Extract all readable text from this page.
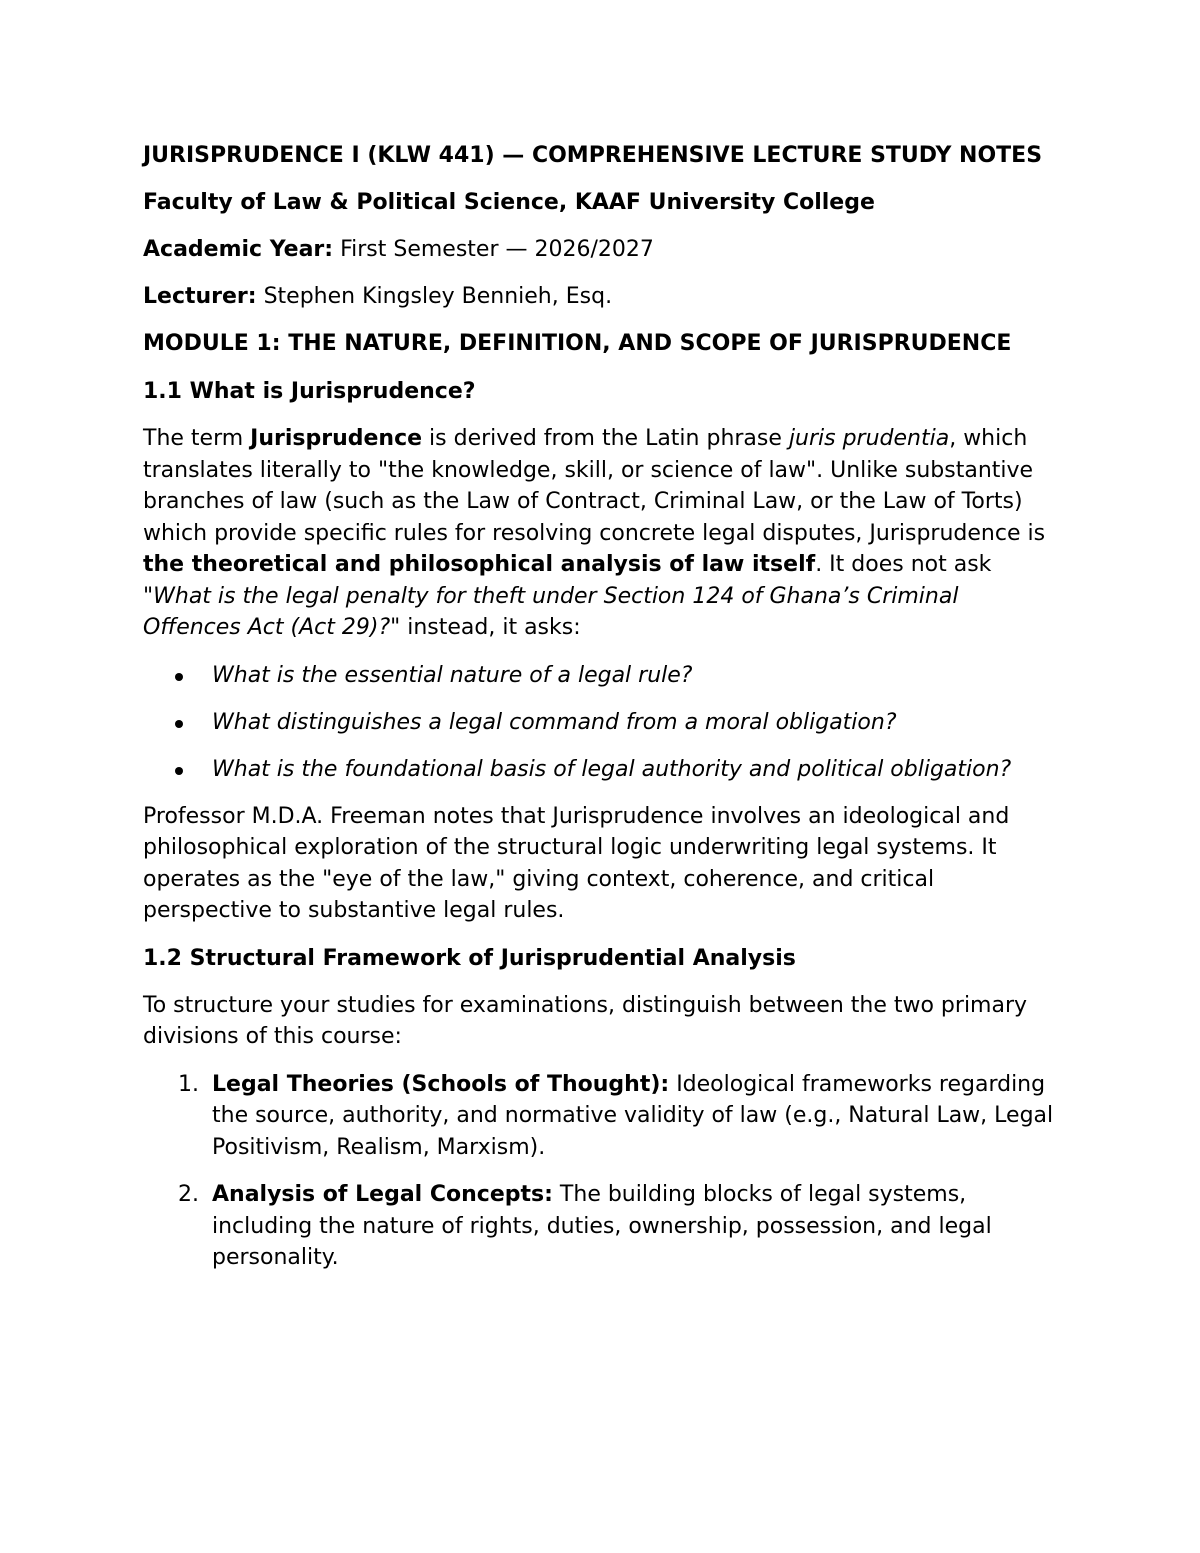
JURISPRUDENCE I (KLW 441) — COMPREHENSIVE LECTURE STUDY NOTES

Faculty of Law & Political Science, KAAF University College

Academic Year: First Semester — 2026/2027

Lecturer: Stephen Kingsley Bennieh, Esq.

MODULE 1: THE NATURE, DEFINITION, AND SCOPE OF JURISPRUDENCE
1.1 What is Jurisprudence?

The term Jurisprudence is derived from the Latin phrase juris prudentia, which translates literally to "the knowledge, skill, or science of law". Unlike substantive branches of law (such as the Law of Contract, Criminal Law, or the Law of Torts) which provide specific rules for resolving concrete legal disputes, Jurisprudence is the theoretical and philosophical analysis of law itself. It does not ask "What is the legal penalty for theft under Section 124 of Ghana’s Criminal Offences Act (Act 29)?" instead, it asks:

What is the essential nature of a legal rule?
What distinguishes a legal command from a moral obligation?
What is the foundational basis of legal authority and political obligation?

Professor M.D.A. Freeman notes that Jurisprudence involves an ideological and philosophical exploration of the structural logic underwriting legal systems. It operates as the "eye of the law," giving context, coherence, and critical perspective to substantive legal rules.

1.2 Structural Framework of Jurisprudential Analysis

To structure your studies for examinations, distinguish between the two primary divisions of this course:

1. Legal Theories (Schools of Thought): Ideological frameworks regarding the source, authority, and normative validity of law (e.g., Natural Law, Legal Positivism, Realism, Marxism).
2. Analysis of Legal Concepts: The building blocks of legal systems, including the nature of rights, duties, ownership, possession, and legal personality.
